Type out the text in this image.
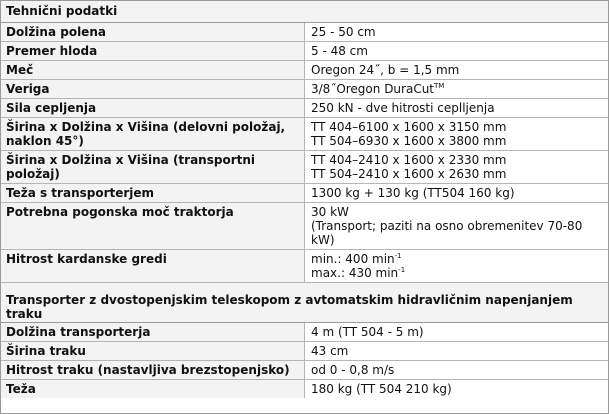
Tehnični podatki	
Dolžina polena	25 - 50 cm
Premer hloda	5 - 48 cm
Meč	Oregon 24˝, b = 1,5 mm
Veriga	3/8˝Oregon DuraCut™
Sila cepljenja	250 kN - dve hitrosti ceplljenja
Širina x Dolžina x Višina (delovni položaj, naklon 45°)	TT 404–6100 x 1600 x 3150 mm
TT 504–6930 x 1600 x 3800 mm

Širina x Dolžina x Višina (transportni položaj)	TT 404–2410 x 1600 x 2330 mm
TT 504–2410 x 1600 x 2630 mm

Teža s transporterjem	1300 kg + 130 kg (TT504 160 kg)
Potrebna pogonska moč traktorja	30 kW
(Transport; paziti na osno obremenitev 70-80 kW)

Hitrost kardanske gredi	min.: 400 $\min^{-1}$
max.: 430 $\min^{-1}$

Transporter z dvostopenjskim teleskopom z avtomatskim hidravličnim napenjanjem traku	
Dolžina transporterja	4 m (TT 504 - 5 m)
Širina traku	43 cm
Hitrost traku (nastavljiva brezstopenjsko)	od 0 - 0,8 m/s
Teža	180 kg (TT 504 210 kg)
